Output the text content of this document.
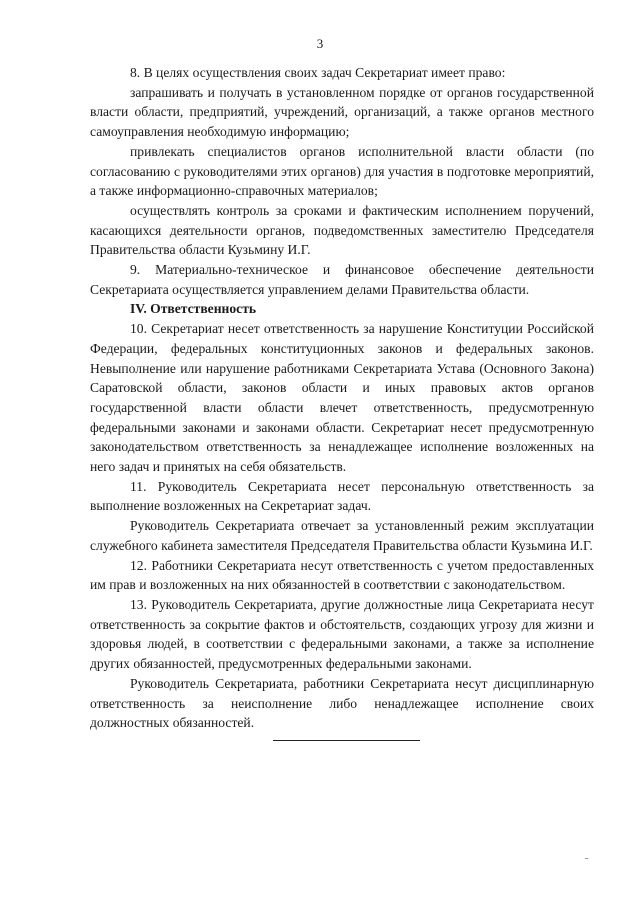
3

8. В целях осуществления своих задач Секретариат имеет право:

запрашивать и получать в установленном порядке от органов государственной власти области, предприятий, учреждений, организаций, а также органов местного самоуправления необходимую информацию;

привлекать специалистов органов исполнительной власти области (по согласованию с руководителями этих органов) для участия в подготовке мероприятий, а также информационно-справочных материалов;

осуществлять контроль за сроками и фактическим исполнением поручений, касающихся деятельности органов, подведомственных заместителю Председателя Правительства области Кузьмину И.Г.

9. Материально-техническое и финансовое обеспечение деятельности Секретариата осуществляется управлением делами Правительства области.

IV. Ответственность

10. Секретариат несет ответственность за нарушение Конституции Российской Федерации, федеральных конституционных законов и федеральных законов. Невыполнение или нарушение работниками Секретариата Устава (Основного Закона) Саратовской области, законов области и иных правовых актов органов государственной власти области влечет ответственность, предусмотренную федеральными законами и законами области. Секретариат несет предусмотренную законодательством ответственность за ненадлежащее исполнение возложенных на него задач и принятых на себя обязательств.

11. Руководитель Секретариата несет персональную ответственность за выполнение возложенных на Секретариат задач.

Руководитель Секретариата отвечает за установленный режим эксплуатации служебного кабинета заместителя Председателя Правительства области Кузьмина И.Г.

12. Работники Секретариата несут ответственность с учетом предоставленных им прав и возложенных на них обязанностей в соответствии с законодательством.

13. Руководитель Секретариата, другие должностные лица Секретариата несут ответственность за сокрытие фактов и обстоятельств, создающих угрозу для жизни и здоровья людей, в соответствии с федеральными законами, а также за исполнение других обязанностей, предусмотренных федеральными законами.

Руководитель Секретариата, работники Секретариата несут дисциплинарную ответственность за неисполнение либо ненадлежащее исполнение своих должностных обязанностей.
